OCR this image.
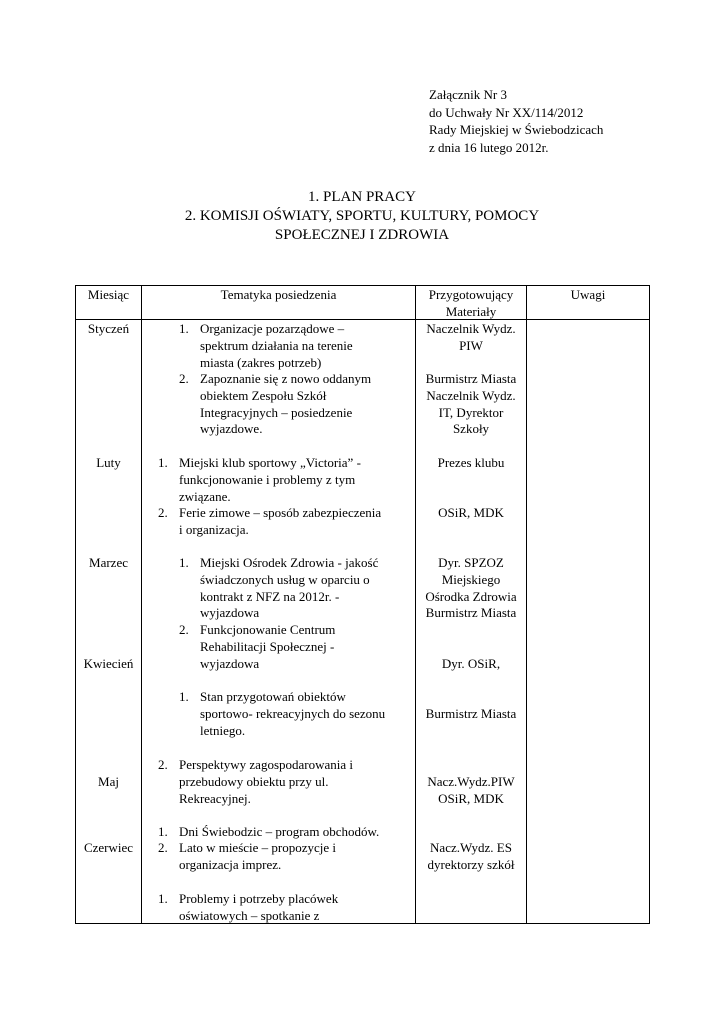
Załącznik Nr 3
do Uchwały Nr XX/114/2012
Rady Miejskiej w Świebodzicach
z dnia 16 lutego 2012r.
1. PLAN PRACY
2. KOMISJI OŚWIATY, SPORTU, KULTURY, POMOCY
SPOŁECZNEJ I ZDROWIA
Miesiąc	Tematyka posiedzenia	Przygotowujący
Materiały
Uwagi
Styczeń
Luty
Marzec
Kwiecień
Maj
Czerwiec
1. Organizacje pozarządowe –
spektrum działania na terenie
miasta (zakres potrzeb)
2. Zapoznanie się z nowo oddanym
obiektem Zespołu Szkół
Integracyjnych – posiedzenie
wyjazdowe.
1. Miejski klub sportowy „Victoria” -
funkcjonowanie i problemy z tym
związane.
2. Ferie zimowe – sposób zabezpieczenia
i organizacja.
1. Miejski Ośrodek Zdrowia - jakość
świadczonych usług w oparciu o
kontrakt z NFZ na 2012r. -
wyjazdowa
2. Funkcjonowanie Centrum
Rehabilitacji Społecznej -
wyjazdowa
1. Stan przygotowań obiektów
sportowo- rekreacyjnych do sezonu
letniego.
2. Perspektywy zagospodarowania i
przebudowy obiektu przy ul.
Rekreacyjnej.
1. Dni Świebodzic – program obchodów.
2. Lato w mieście – propozycje i
organizacja imprez.
1. Problemy i potrzeby placówek
oświatowych – spotkanie z
Naczelnik Wydz.
PIW
Burmistrz Miasta
Naczelnik Wydz.
IT, Dyrektor
Szkoły
Prezes klubu
OSiR, MDK
Dyr. SPZOZ
Miejskiego
Ośrodka Zdrowia
Burmistrz Miasta
Dyr. OSiR,
Burmistrz Miasta
Nacz.Wydz.PIW
OSiR, MDK
Nacz.Wydz. ES
dyrektorzy szkół
